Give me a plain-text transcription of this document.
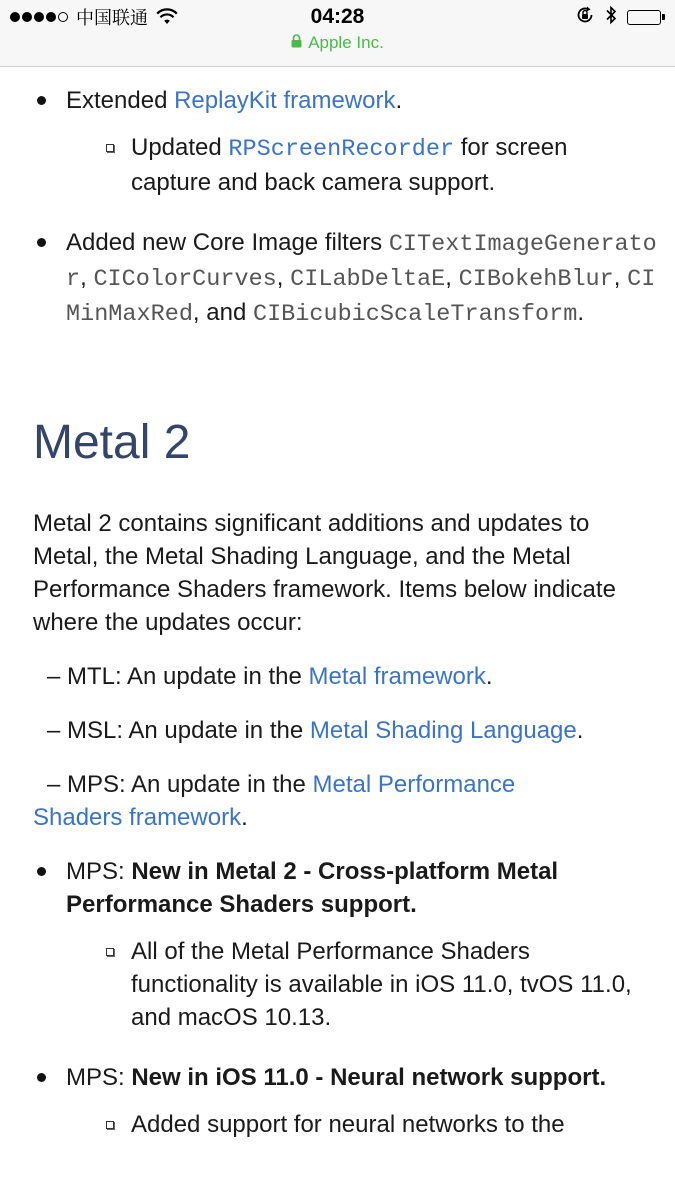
中国联通	04:28
Apple Inc.
Extended ReplayKit framework.
Updated RPScreenRecorder for screen capture and back camera support.
Added new Core Image filters CITextImageGenerator, CIColorCurves, CILabDeltaE, CIBokehBlur, CIMinMaxRed, and CIBicubicScaleTransform.
Metal 2

Metal 2 contains significant additions and updates to Metal, the Metal Shading Language, and the Metal Performance Shaders framework. Items below indicate where the updates occur:

– MTL: An update in the Metal framework.
– MSL: An update in the Metal Shading Language.
– MPS: An update in the Metal Performance Shaders framework.
MPS: New in Metal 2 - Cross-platform Metal Performance Shaders support.
All of the Metal Performance Shaders functionality is available in iOS 11.0, tvOS 11.0, and macOS 10.13.
MPS: New in iOS 11.0 - Neural network support.
Added support for neural networks to the
